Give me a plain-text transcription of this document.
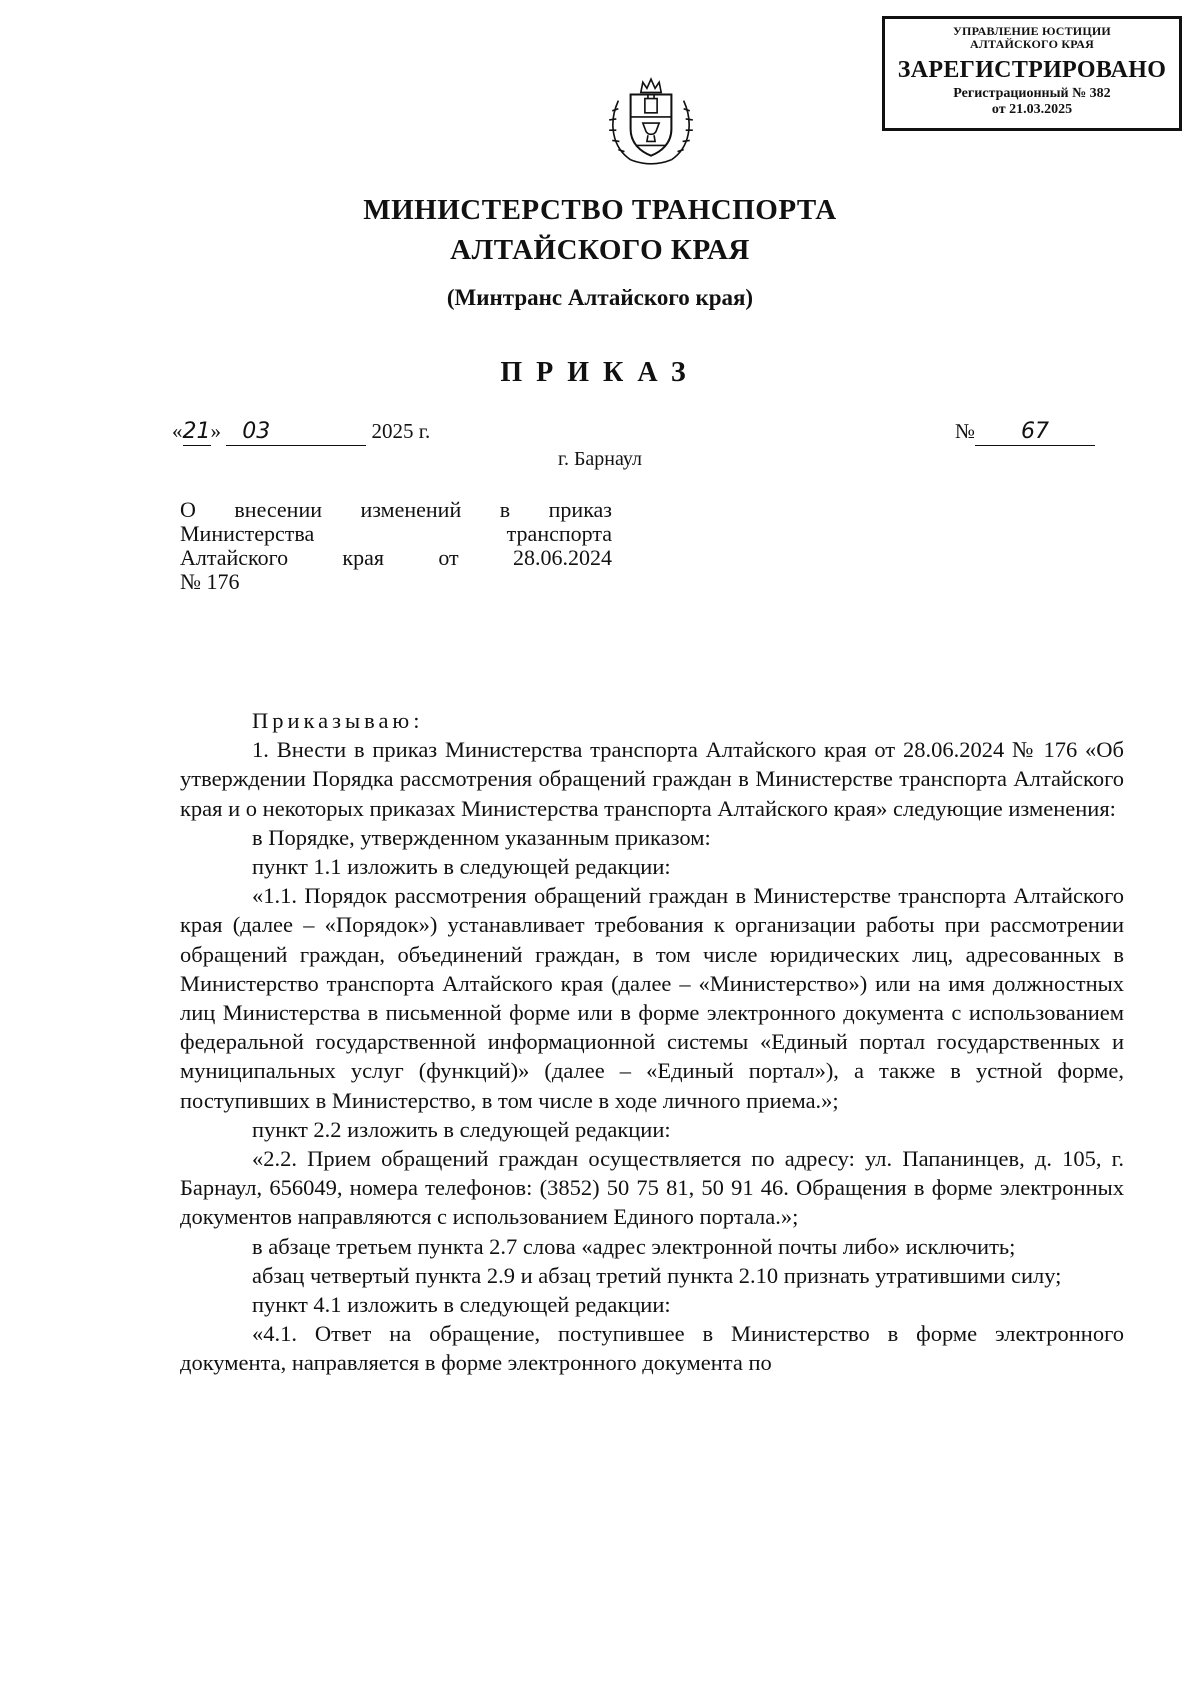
УПРАВЛЕНИЕ ЮСТИЦИИ
АЛТАЙСКОГО КРАЯ
ЗАРЕГИСТРИРОВАНО
Регистрационный № 382
от 21.03.2025
МИНИСТЕРСТВО ТРАНСПОРТА
АЛТАЙСКОГО КРАЯ
(Минтранс Алтайского края)
ПРИКАЗ
«21» 03	2025 г.	№ 67
г. Барнаул
О внесении изменений в приказ
Министерства транспорта
Алтайского края от 28.06.2024
№ 176

Приказываю:

1. Внести в приказ Министерства транспорта Алтайского края от 28.06.2024 № 176 «Об утверждении Порядка рассмотрения обращений граждан в Министерстве транспорта Алтайского края и о некоторых приказах Министерства транспорта Алтайского края» следующие изменения:

в Порядке, утвержденном указанным приказом:

пункт 1.1 изложить в следующей редакции:

«1.1. Порядок рассмотрения обращений граждан в Министерстве транспорта Алтайского края (далее – «Порядок») устанавливает требования к организации работы при рассмотрении обращений граждан, объединений граждан, в том числе юридических лиц, адресованных в Министерство транспорта Алтайского края (далее – «Министерство») или на имя должностных лиц Министерства в письменной форме или в форме электронного документа с использованием федеральной государственной информационной системы «Единый портал государственных и муниципальных услуг (функций)» (далее – «Единый портал»), а также в устной форме, поступивших в Министерство, в том числе в ходе личного приема.»;

пункт 2.2 изложить в следующей редакции:

«2.2. Прием обращений граждан осуществляется по адресу: ул. Папанинцев, д. 105, г. Барнаул, 656049, номера телефонов: (3852) 50 75 81, 50 91 46. Обращения в форме электронных документов направляются с использованием Единого портала.»;

в абзаце третьем пункта 2.7 слова «адрес электронной почты либо» исключить;

абзац четвертый пункта 2.9 и абзац третий пункта 2.10 признать утратившими силу;

пункт 4.1 изложить в следующей редакции:

«4.1. Ответ на обращение, поступившее в Министерство в форме электронного документа, направляется в форме электронного документа по
